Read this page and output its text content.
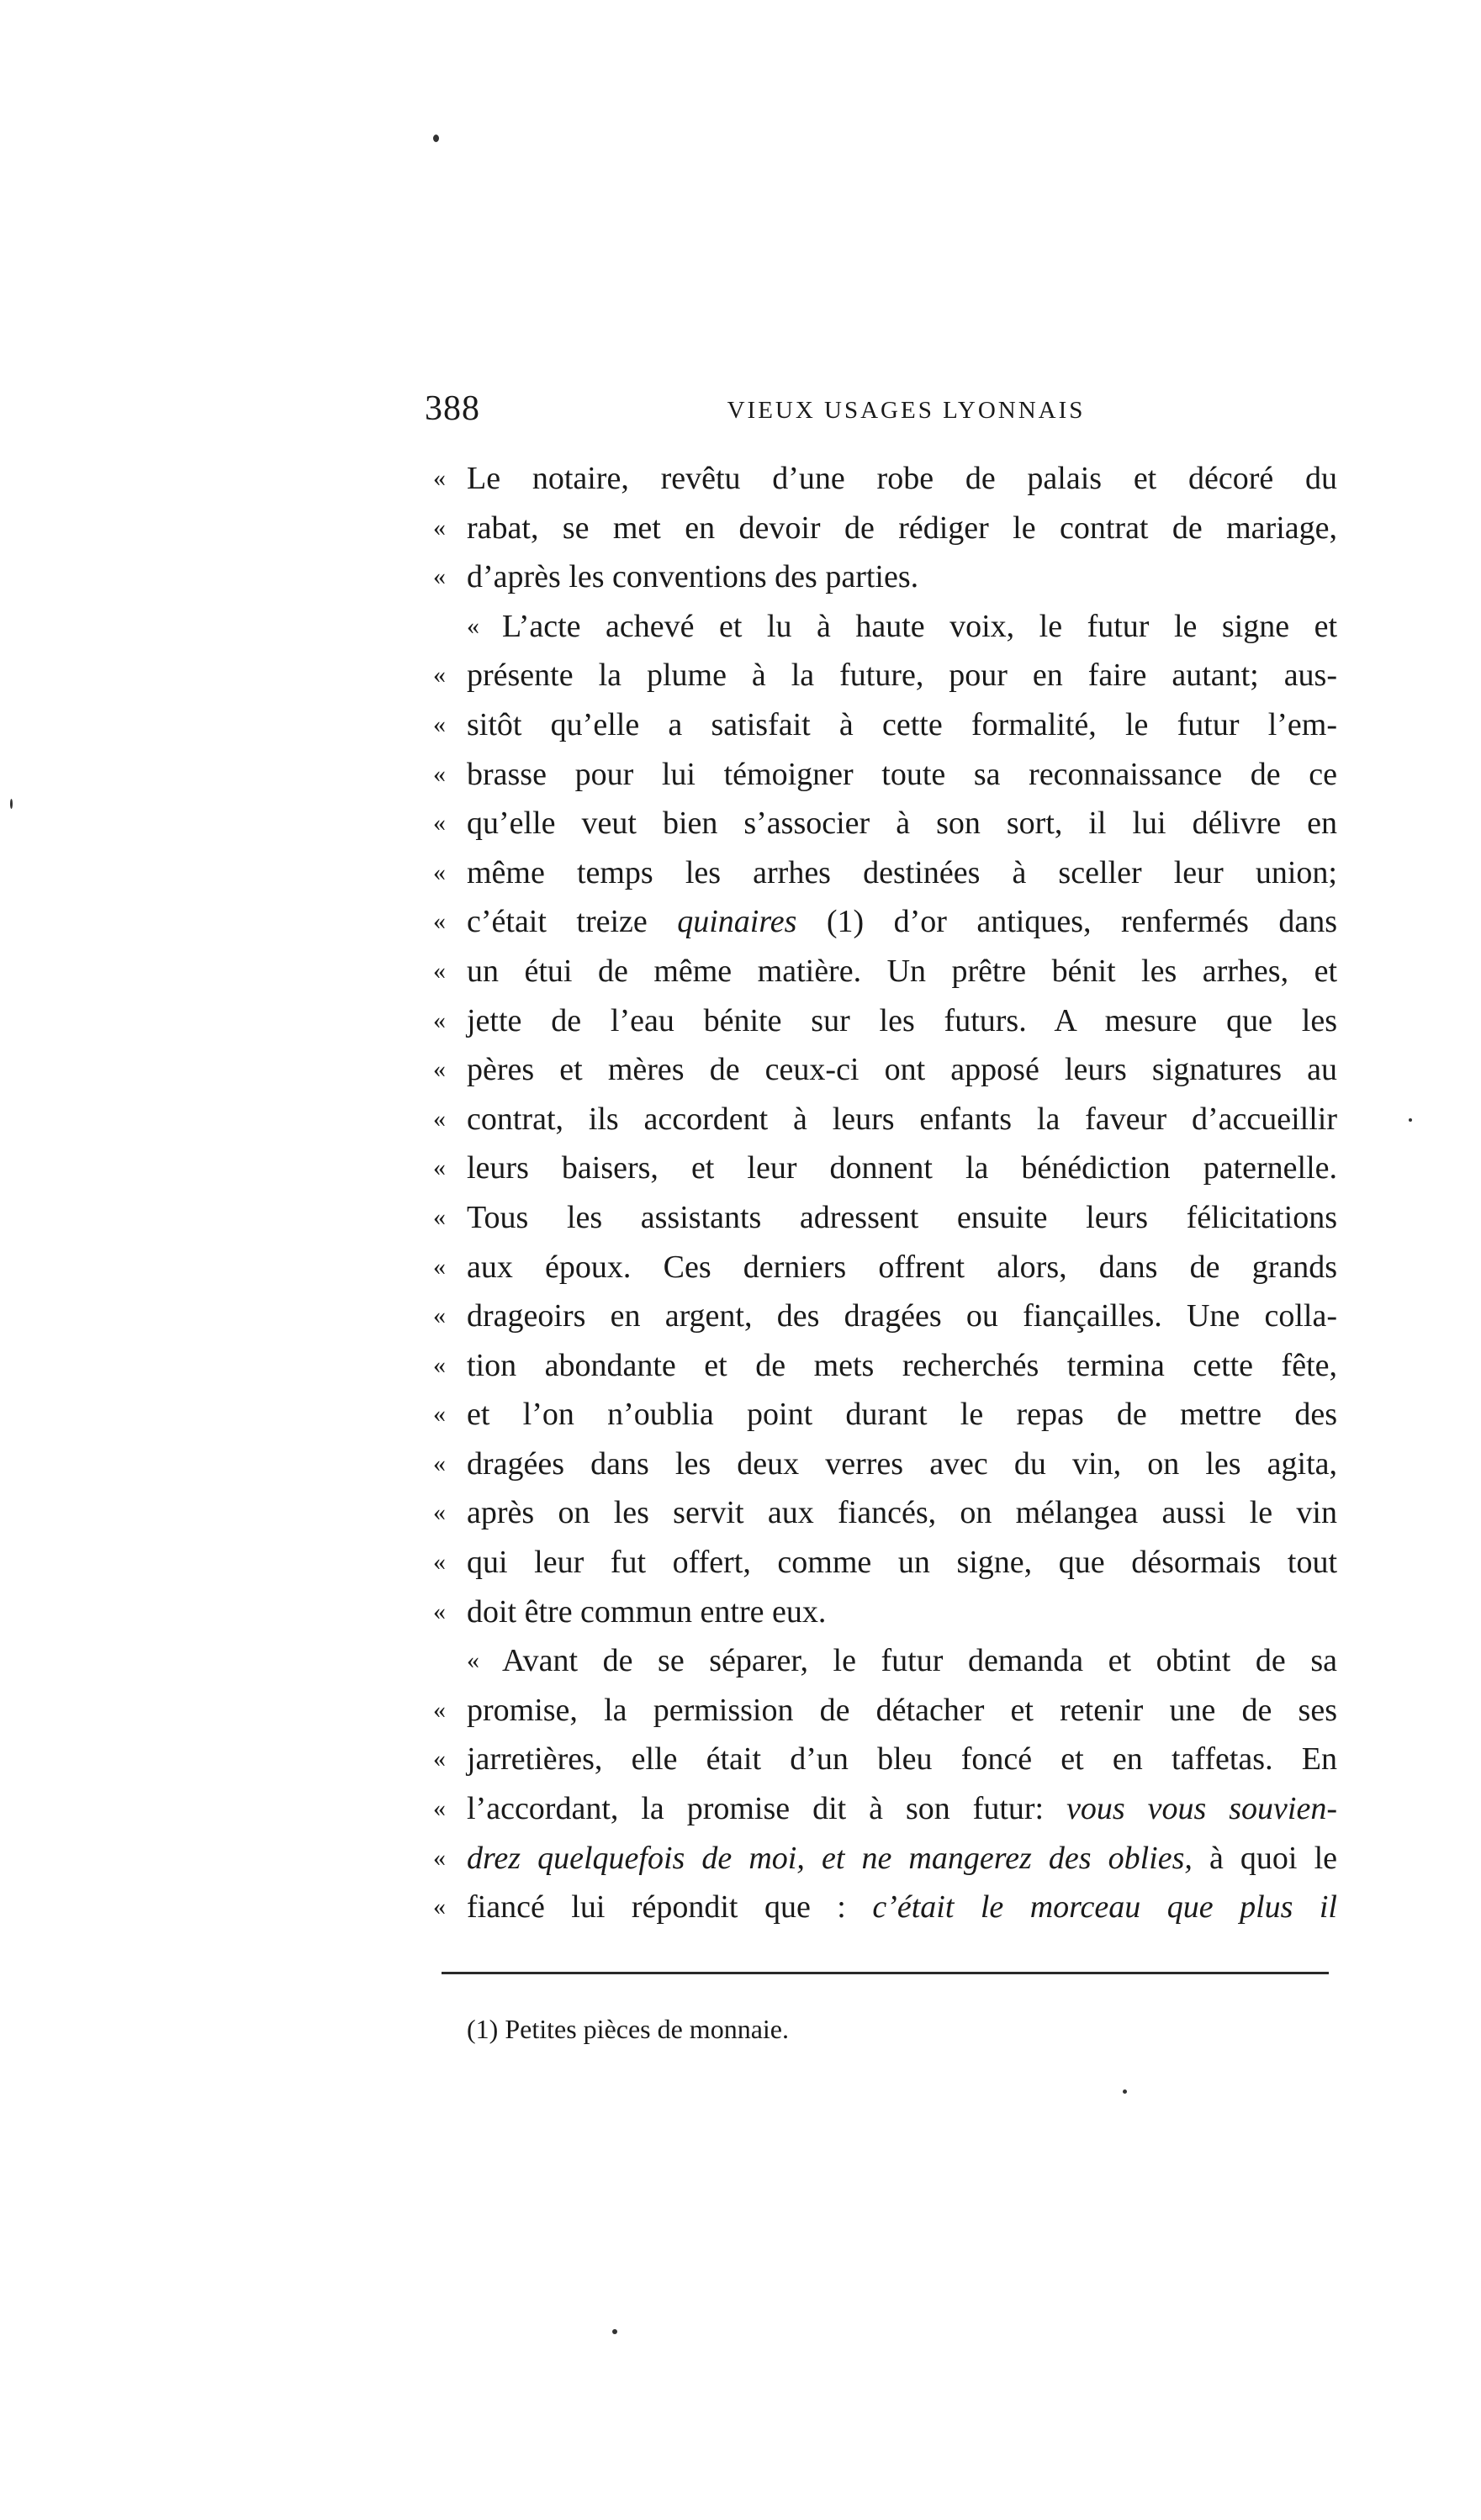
388	VIEUX USAGES LYONNAIS
« Le notaire, revêtu d’une robe de palais et décoré du
« rabat, se met en devoir de rédiger le contrat de mariage,
« d’après les conventions des parties.
« L’acte achevé et lu à haute voix, le futur le signe et
« présente la plume à la future, pour en faire autant; aus-
« sitôt qu’elle a satisfait à cette formalité, le futur l’em-
« brasse pour lui témoigner toute sa reconnaissance de ce
« qu’elle veut bien s’associer à son sort, il lui délivre en
« même temps les arrhes destinées à sceller leur union;
« c’était treize quinaires (1) d’or antiques, renfermés dans
« un étui de même matière. Un prêtre bénit les arrhes, et
« jette de l’eau bénite sur les futurs. A mesure que les
« pères et mères de ceux-ci ont apposé leurs signatures au
« contrat, ils accordent à leurs enfants la faveur d’accueillir
« leurs baisers, et leur donnent la bénédiction paternelle.
« Tous les assistants adressent ensuite leurs félicitations
« aux époux. Ces derniers offrent alors, dans de grands
« drageoirs en argent, des dragées ou fiançailles. Une colla-
« tion abondante et de mets recherchés termina cette fête,
« et l’on n’oublia point durant le repas de mettre des
« dragées dans les deux verres avec du vin, on les agita,
« après on les servit aux fiancés, on mélangea aussi le vin
« qui leur fut offert, comme un signe, que désormais tout
« doit être commun entre eux.
« Avant de se séparer, le futur demanda et obtint de sa
« promise, la permission de détacher et retenir une de ses
« jarretières, elle était d’un bleu foncé et en taffetas. En
« l’accordant, la promise dit à son futur: vous vous souvien-
« drez quelquefois de moi, et ne mangerez des oblies, à quoi le
« fiancé lui répondit que : c’était le morceau que plus il
(1) Petites pièces de monnaie.
